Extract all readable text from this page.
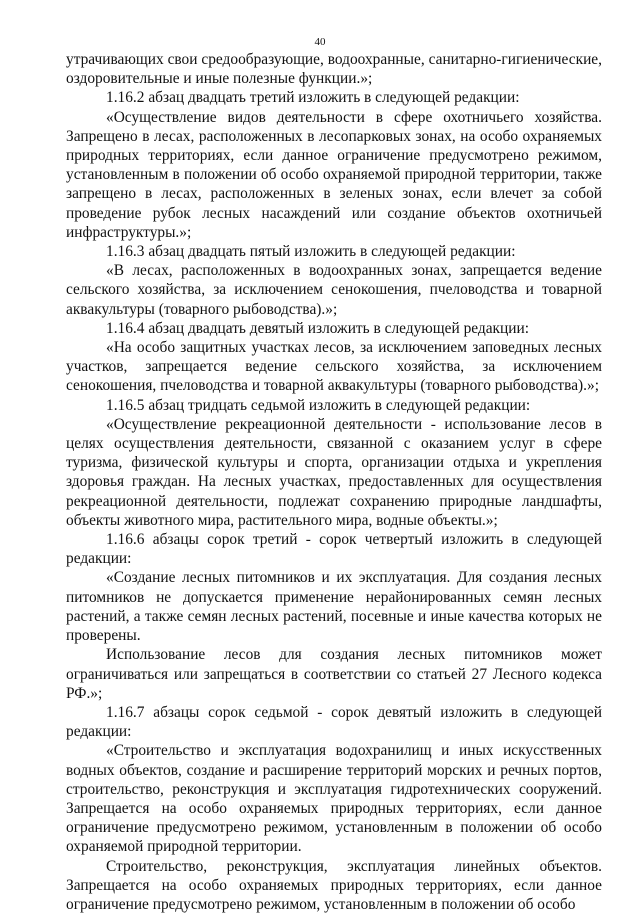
40

утрачивающих свои средообразующие, водоохранные, санитарно-гигиенические, оздоровительные и иные полезные функции.»;

1.16.2 абзац двадцать третий изложить в следующей редакции:

«Осуществление видов деятельности в сфере охотничьего хозяйства. Запрещено в лесах, расположенных в лесопарковых зонах, на особо охраняемых природных территориях, если данное ограничение предусмотрено режимом, установленным в положении об особо охраняемой природной территории, также запрещено в лесах, расположенных в зеленых зонах, если влечет за собой проведение рубок лесных насаждений или создание объектов охотничьей инфраструктуры.»;

1.16.3 абзац двадцать пятый изложить в следующей редакции:

«В лесах, расположенных в водоохранных зонах, запрещается ведение сельского хозяйства, за исключением сенокошения, пчеловодства и товарной аквакультуры (товарного рыбоводства).»;

1.16.4 абзац двадцать девятый изложить в следующей редакции:

«На особо защитных участках лесов, за исключением заповедных лесных участков, запрещается ведение сельского хозяйства, за исключением сенокошения, пчеловодства и товарной аквакультуры (товарного рыбоводства).»;

1.16.5 абзац тридцать седьмой изложить в следующей редакции:

«Осуществление рекреационной деятельности - использование лесов в целях осуществления деятельности, связанной с оказанием услуг в сфере туризма, физической культуры и спорта, организации отдыха и укрепления здоровья граждан. На лесных участках, предоставленных для осуществления рекреационной деятельности, подлежат сохранению природные ландшафты, объекты животного мира, растительного мира, водные объекты.»;

1.16.6 абзацы сорок третий - сорок четвертый изложить в следующей редакции:

«Создание лесных питомников и их эксплуатация. Для создания лесных питомников не допускается применение нерайонированных семян лесных растений, а также семян лесных растений, посевные и иные качества которых не проверены.

Использование лесов для создания лесных питомников может ограничиваться или запрещаться в соответствии со статьей 27 Лесного кодекса РФ.»;

1.16.7 абзацы сорок седьмой - сорок девятый изложить в следующей редакции:

«Строительство и эксплуатация водохранилищ и иных искусственных водных объектов, создание и расширение территорий морских и речных портов, строительство, реконструкция и эксплуатация гидротехнических сооружений. Запрещается на особо охраняемых природных территориях, если данное ограничение предусмотрено режимом, установленным в положении об особо охраняемой природной территории.

Строительство, реконструкция, эксплуатация линейных объектов. Запрещается на особо охраняемых природных территориях, если данное ограничение предусмотрено режимом, установленным в положении об особо
